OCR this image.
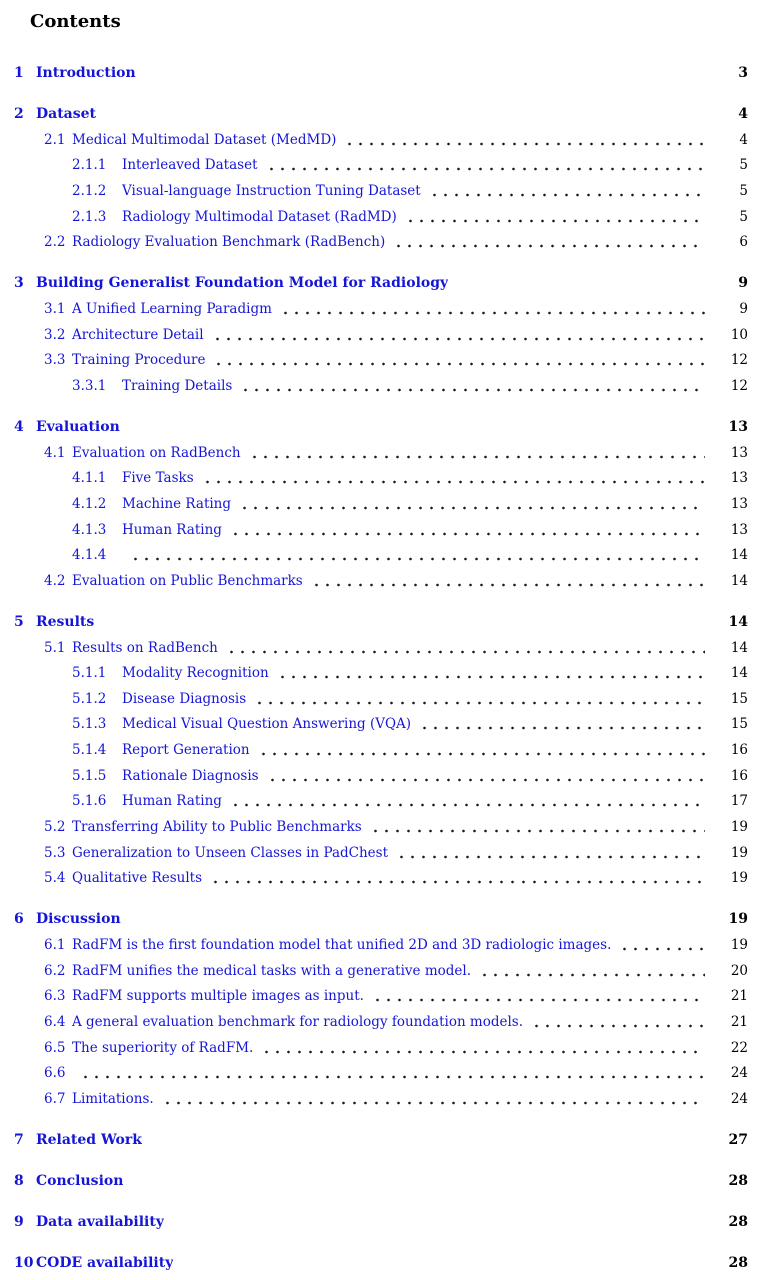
Contents
1 Introduction	3
2 Dataset	4
2.1 Medical Multimodal Dataset (MedMD)	4
2.1.1	Interleaved Dataset	5
2.1.2	Visual-language Instruction Tuning Dataset	5
2.1.3	Radiology Multimodal Dataset (RadMD)	5
2.2 Radiology Evaluation Benchmark (RadBench)	6
3 Building Generalist Foundation Model for Radiology	9
3.1 A Unified Learning Paradigm	9
3.2 Architecture Detail	10
3.3 Training Procedure	12
3.3.1	Training Details	12
4 Evaluation	13
4.1 Evaluation on RadBench	13
4.1.1	Five Tasks	13
4.1.2	Machine Rating	13
4.1.3	Human Rating	13
4.1.4	14
4.2 Evaluation on Public Benchmarks	14
5 Results	14
5.1 Results on RadBench	14
5.1.1	Modality Recognition	14
5.1.2	Disease Diagnosis	15
5.1.3	Medical Visual Question Answering (VQA)	15
5.1.4	Report Generation	16
5.1.5	Rationale Diagnosis	16
5.1.6	Human Rating	17
5.2 Transferring Ability to Public Benchmarks	19
5.3 Generalization to Unseen Classes in PadChest	19
5.4 Qualitative Results	19
6 Discussion	19
6.1 RadFM is the first foundation model that unified 2D and 3D radiologic images.	19
6.2 RadFM unifies the medical tasks with a generative model.	20
6.3 RadFM supports multiple images as input.	21
6.4 A general evaluation benchmark for radiology foundation models.	21
6.5 The superiority of RadFM.	22
6.6	24
6.7 Limitations.	24
7 Related Work	27
8 Conclusion	28
9 Data availability	28
10 CODE availability	28
